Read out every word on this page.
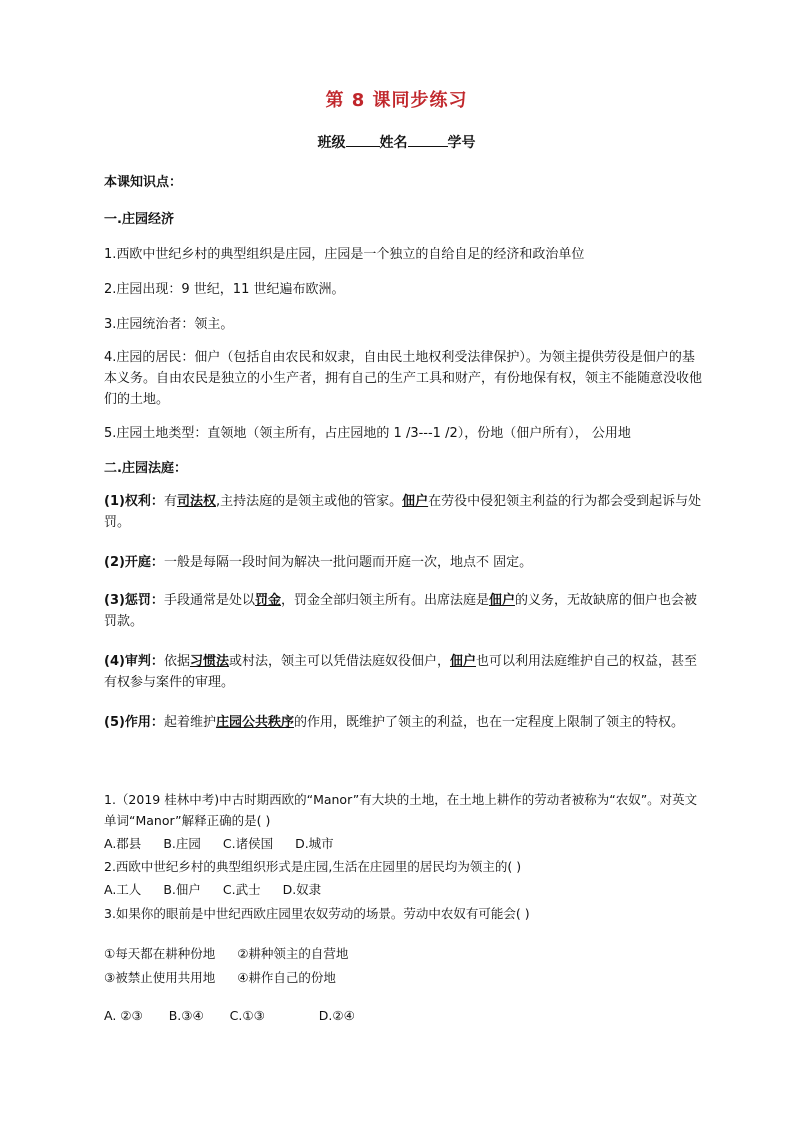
第 8 课同步练习
班级 姓名	学号
本课知识点：
一.庄园经济
1.西欧中世纪乡村的典型组织是庄园，庄园是一个独立的自给自足的经济和政治单位
2.庄园出现：9 世纪，11 世纪遍布欧洲。
3.庄园统治者：领主。
4.庄园的居民：佃户（包括自由农民和奴隶，自由民土地权利受法律保护）。为领主提供劳役是佃户的基本义务。自由农民是独立的小生产者，拥有自己的生产工具和财产，有份地保有权，领主不能随意没收他们的土地。
5.庄园土地类型：直领地（领主所有，占庄园地的 1 /3---1 /2），份地（佃户所有）， 公用地
二.庄园法庭：
(1)权利：有司法权,主持法庭的是领主或他的管家。佃户在劳役中侵犯领主利益的行为都会受到起诉与处罚。
(2)开庭：一般是每隔一段时间为解决一批问题而开庭一次，地点不 固定。
(3)惩罚：手段通常是处以罚金，罚金全部归领主所有。出席法庭是佃户的义务，无故缺席的佃户也会被罚款。
(4)审判：依据习惯法或村法，领主可以凭借法庭奴役佃户，佃户也可以利用法庭维护自己的权益，甚至有权参与案件的审理。
(5)作用：起着维护庄园公共秩序的作用，既维护了领主的利益，也在一定程度上限制了领主的特权。
1.（2019 桂林中考)中古时期西欧的“Manor”有大块的土地，在土地上耕作的劳动者被称为“农奴”。对英文单词“Manor”解释正确的是( )
A.郡县 B.庄园 C.诸侯国 D.城市
2.西欧中世纪乡村的典型组织形式是庄园,生活在庄园里的居民均为领主的( )
A.工人 B.佃户 C.武士 D.奴隶
3.如果你的眼前是中世纪西欧庄园里农奴劳动的场景。劳动中农奴有可能会( )
①每天都在耕种份地 ②耕种领主的自营地
③被禁止使用共用地 ④耕作自己的份地
A. ②③ B.③④ C.①③	D.②④
